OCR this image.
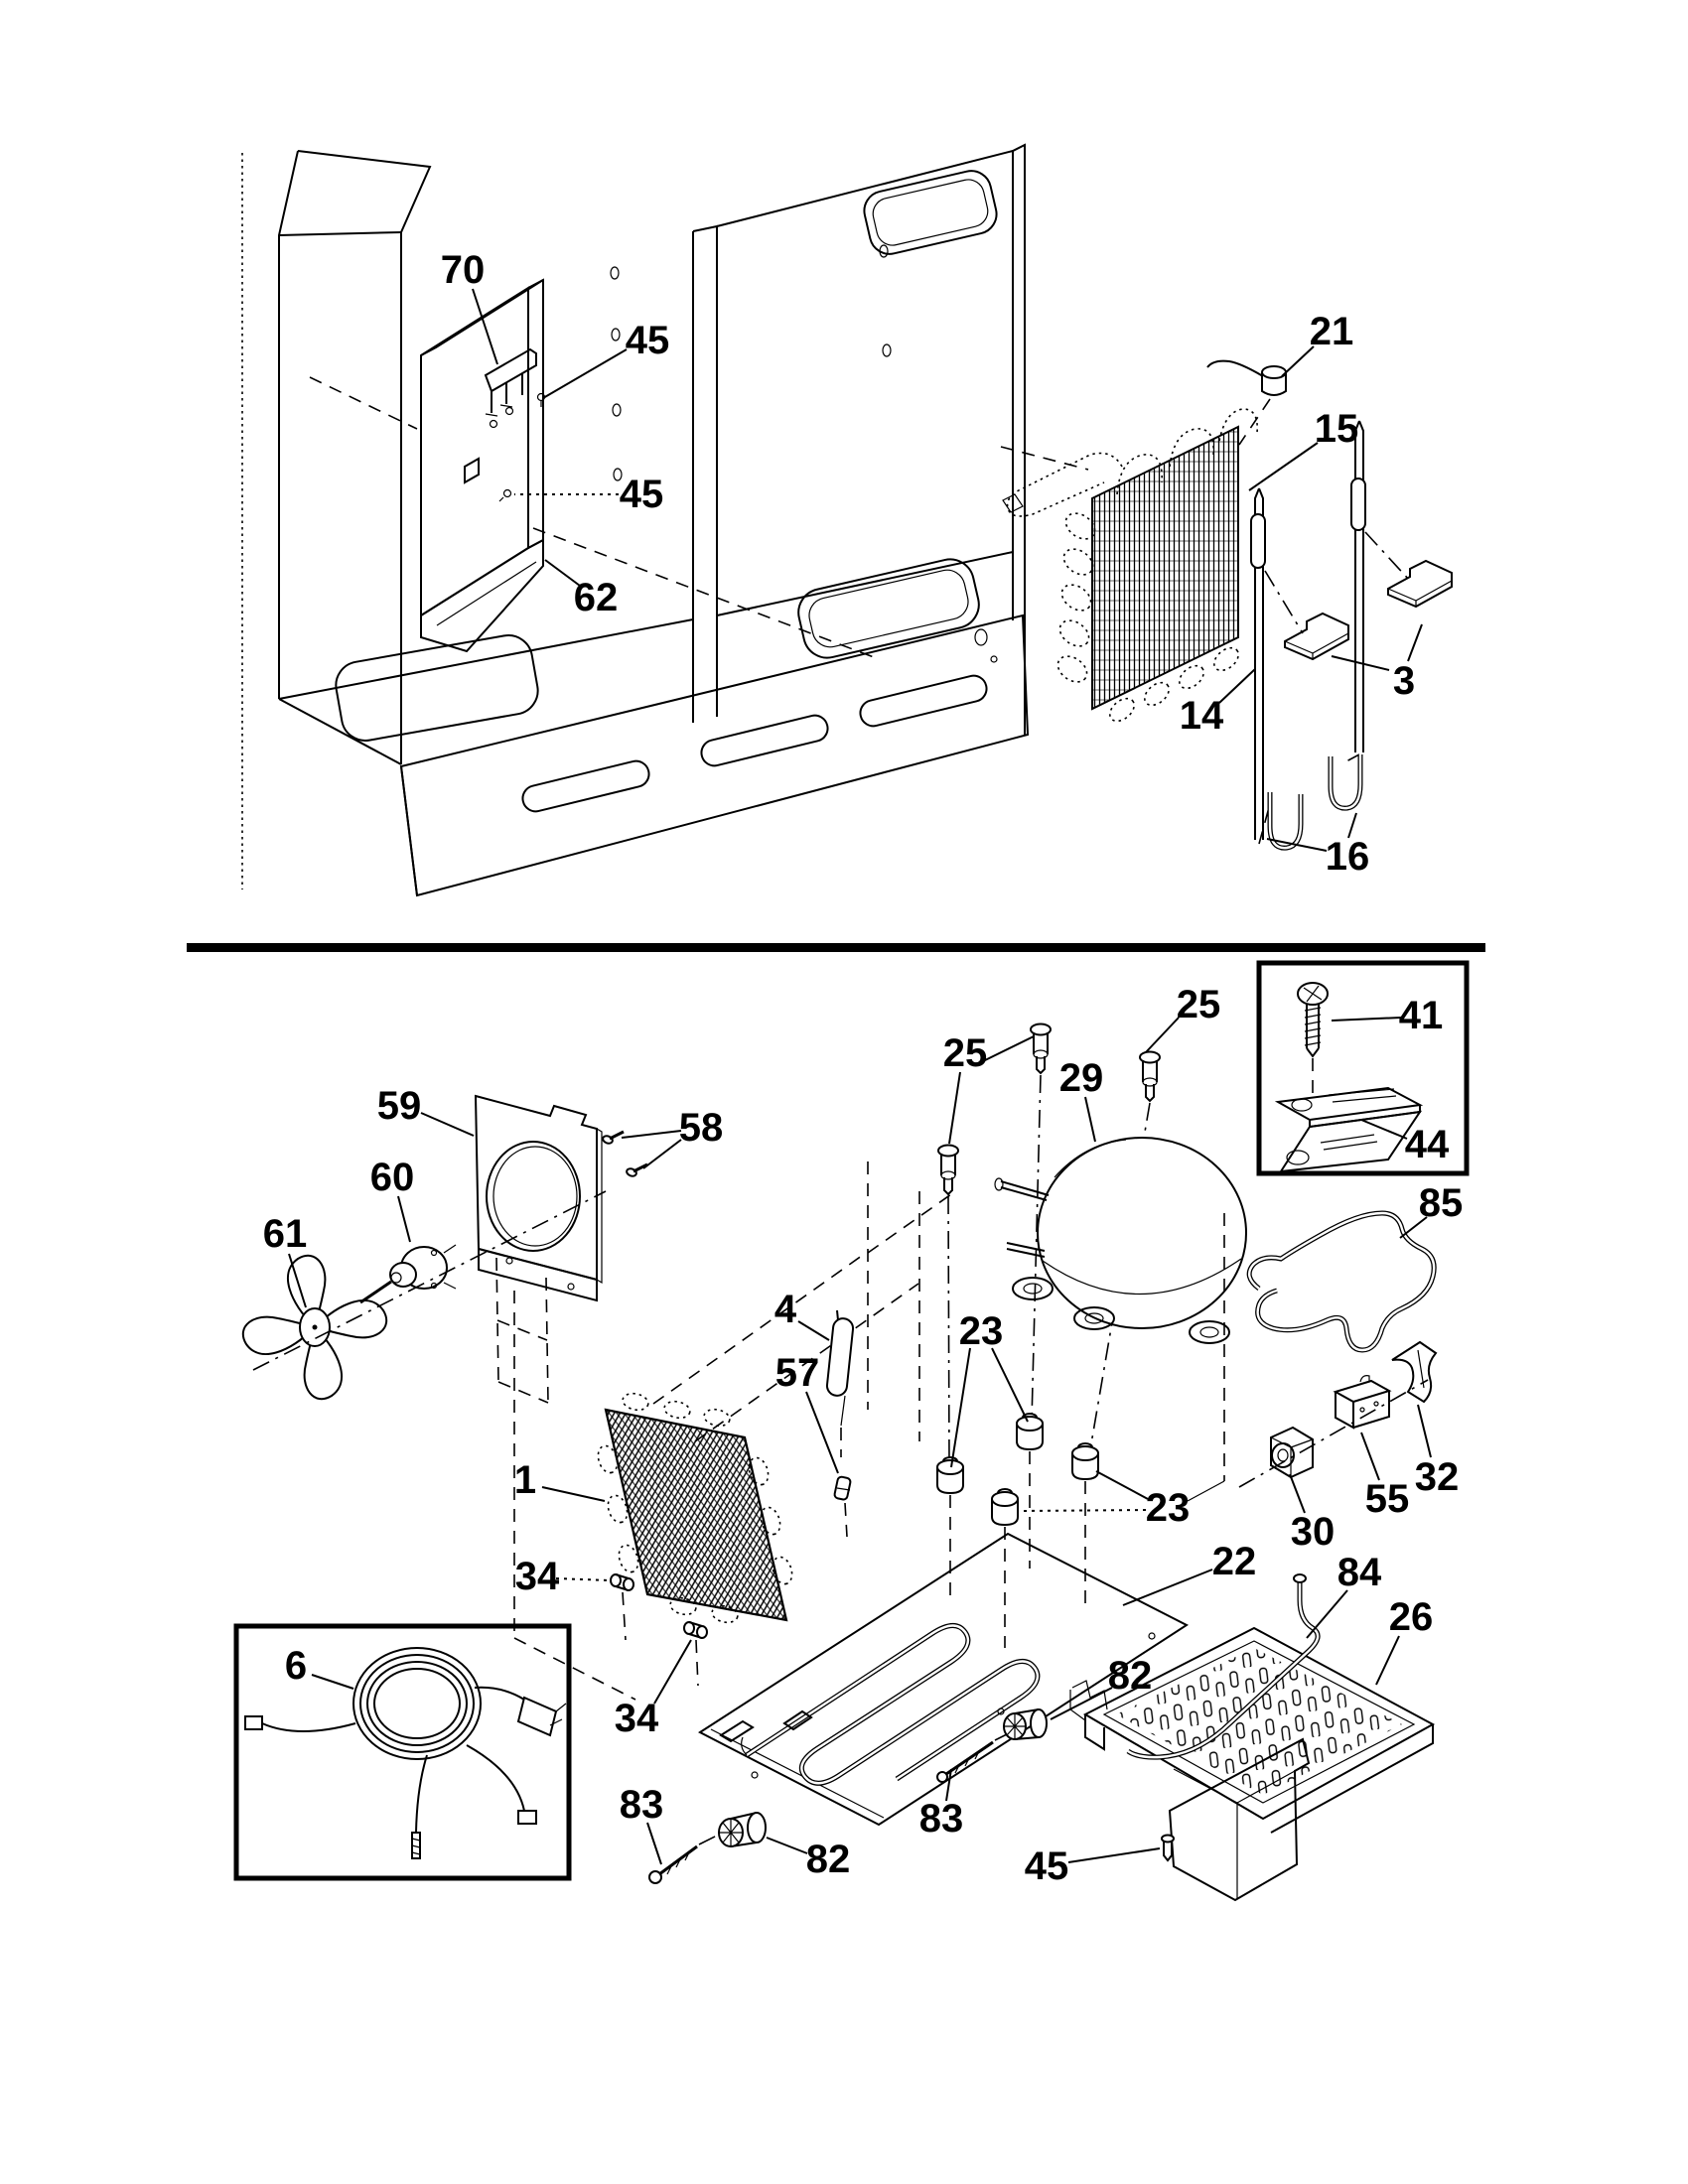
70
45
45
62
21
15
3
14
16
59	58
60
61
25
25
29
41
44
85
32
55
30
23
23
1
34
34
4
57
22 84
26
82
82
83	83
45
6
